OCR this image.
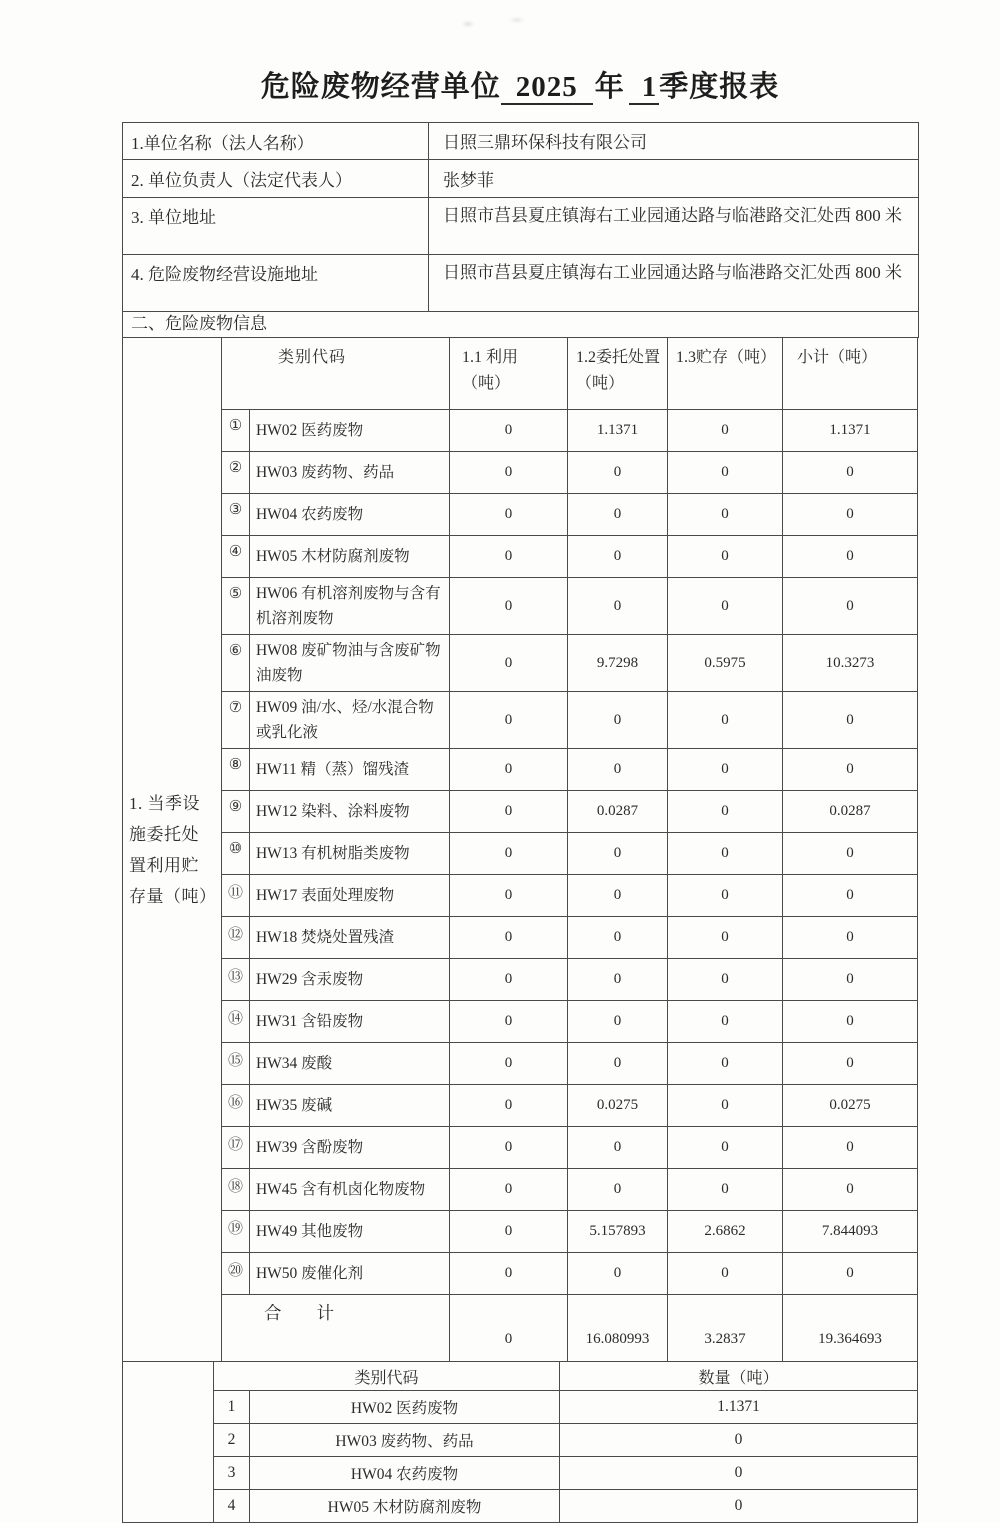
危险废物经营单位 2025 年 1季度报表
1.单位名称（法人名称）	日照三鼎环保科技有限公司
2. 单位负责人（法定代表人）	张梦菲
3. 单位地址	日照市莒县夏庄镇海右工业园通达路与临港路交汇处西 800 米
4. 危险废物经营设施地址	日照市莒县夏庄镇海右工业园通达路与临港路交汇处西 800 米
二、危险废物信息
1. 当季设施委托处置利用贮存量（吨）
类别代码		1.1 利用（吨）	1.2委托处置（吨）	1.3贮存（吨）	小计（吨）
①	HW02 医药废物	0	1.1371	0	1.1371
②	HW03 废药物、药品	0	0	0	0
③	HW04 农药废物	0	0	0	0
④	HW05 木材防腐剂废物	0	0	0	0
⑤	HW06 有机溶剂废物与含有机溶剂废物	0	0	0	0
⑥	HW08 废矿物油与含废矿物油废物	0	9.7298	0.5975	10.3273
⑦	HW09 油/水、烃/水混合物或乳化液	0	0	0	0
⑧	HW11 精（蒸）馏残渣	0	0	0	0
⑨	HW12 染料、涂料废物	0	0.0287	0	0.0287
⑩	HW13 有机树脂类废物	0	0	0	0
⑪	HW17 表面处理废物	0	0	0	0
⑫	HW18 焚烧处置残渣	0	0	0	0
⑬	HW29 含汞废物	0	0	0	0
⑭	HW31 含铅废物	0	0	0	0
⑮	HW34 废酸	0	0	0	0
⑯	HW35 废碱	0	0.0275	0	0.0275
⑰	HW39 含酚废物	0	0	0	0
⑱	HW45 含有机卤化物废物	0	0	0	0
⑲	HW49 其他废物	0	5.157893	2.6862	7.844093
⑳	HW50 废催化剂	0	0	0	0
合　　计		0	16.080993	3.2837	19.364693
类别代码		数量（吨）
1	HW02 医药废物	1.1371
2	HW03 废药物、药品	0
3	HW04 农药废物	0
4	HW05 木材防腐剂废物	0
